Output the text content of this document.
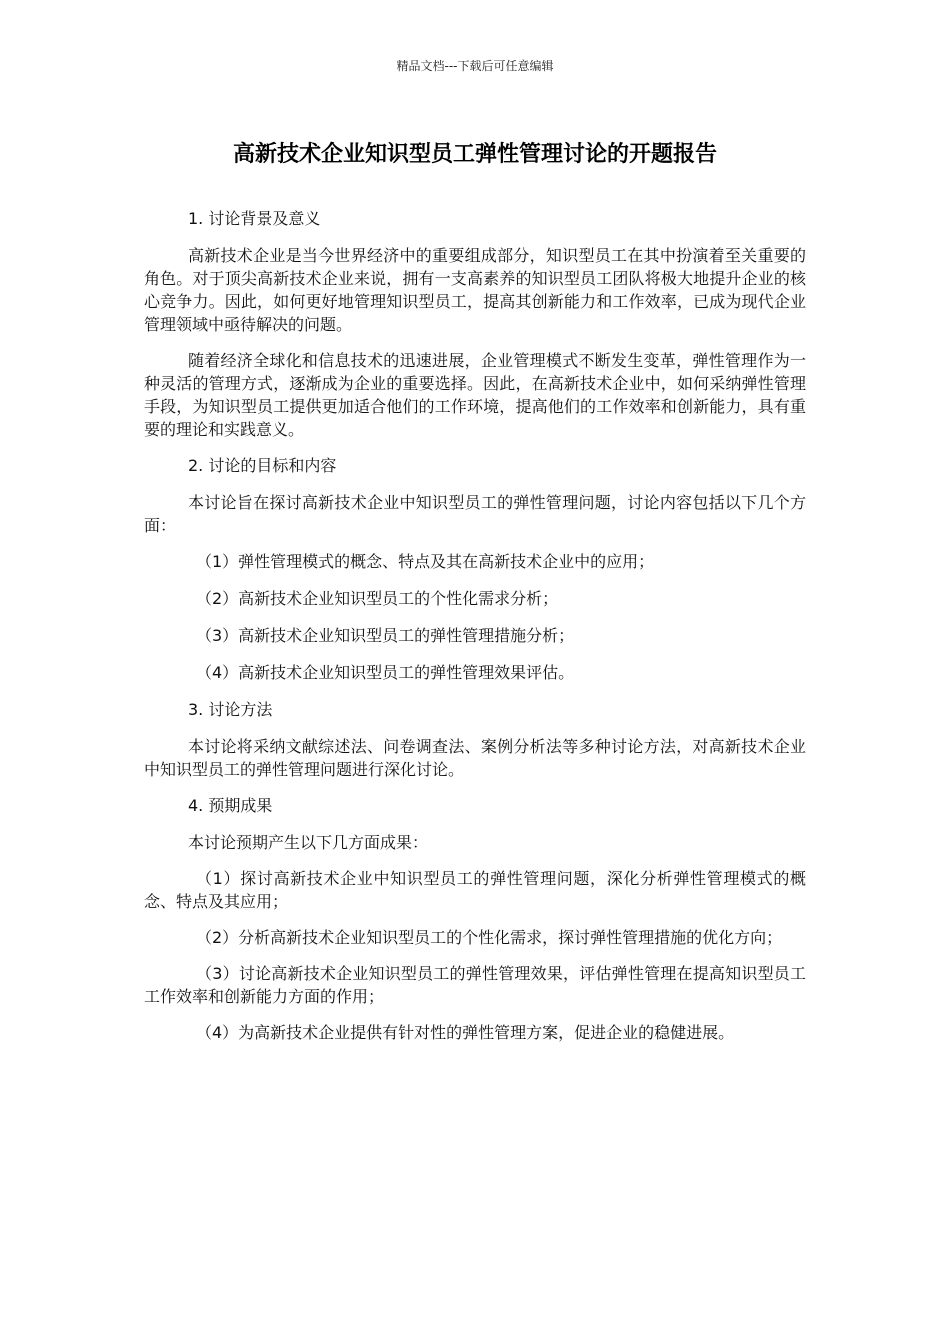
精品文档---下载后可任意编辑
高新技术企业知识型员工弹性管理讨论的开题报告

1. 讨论背景及意义

高新技术企业是当今世界经济中的重要组成部分，知识型员工在其中扮演着至关重要的角色。对于顶尖高新技术企业来说，拥有一支高素养的知识型员工团队将极大地提升企业的核心竞争力。因此，如何更好地管理知识型员工，提高其创新能力和工作效率，已成为现代企业管理领域中亟待解决的问题。

随着经济全球化和信息技术的迅速进展，企业管理模式不断发生变革，弹性管理作为一种灵活的管理方式，逐渐成为企业的重要选择。因此，在高新技术企业中，如何采纳弹性管理手段，为知识型员工提供更加适合他们的工作环境，提高他们的工作效率和创新能力，具有重要的理论和实践意义。

2. 讨论的目标和内容

本讨论旨在探讨高新技术企业中知识型员工的弹性管理问题，讨论内容包括以下几个方面：

（1）弹性管理模式的概念、特点及其在高新技术企业中的应用；

（2）高新技术企业知识型员工的个性化需求分析；

（3）高新技术企业知识型员工的弹性管理措施分析；

（4）高新技术企业知识型员工的弹性管理效果评估。

3. 讨论方法

本讨论将采纳文献综述法、问卷调查法、案例分析法等多种讨论方法，对高新技术企业中知识型员工的弹性管理问题进行深化讨论。

4. 预期成果

本讨论预期产生以下几方面成果：

（1）探讨高新技术企业中知识型员工的弹性管理问题，深化分析弹性管理模式的概念、特点及其应用；

（2）分析高新技术企业知识型员工的个性化需求，探讨弹性管理措施的优化方向；

（3）讨论高新技术企业知识型员工的弹性管理效果，评估弹性管理在提高知识型员工工作效率和创新能力方面的作用；

（4）为高新技术企业提供有针对性的弹性管理方案，促进企业的稳健进展。
